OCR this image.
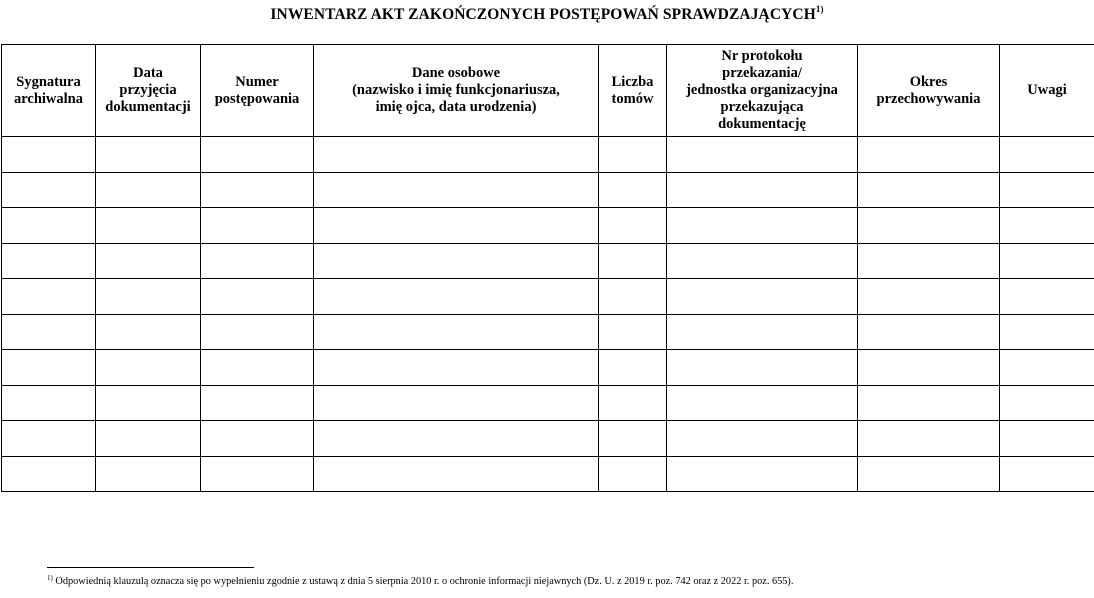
INWENTARZ AKT ZAKOŃCZONYCH POSTĘPOWAŃ SPRAWDZAJĄCYCH$^{1)}$
Sygnatura
archiwalna	Data
przyjęcia
dokumentacji	Numer
postępowania	Dane osobowe
(nazwisko i imię funkcjonariusza,
imię ojca, data urodzenia)	Liczba
tomów	Nr protokołu
przekazania/
jednostka organizacyjna
przekazująca
dokumentację	Okres
przechowywania	Uwagi

$^{1)}$ Odpowiednią klauzulą oznacza się po wypełnieniu zgodnie z ustawą z dnia 5 sierpnia 2010 r. o ochronie informacji niejawnych (Dz. U. z 2019 r. poz. 742 oraz z 2022 r. poz. 655).
